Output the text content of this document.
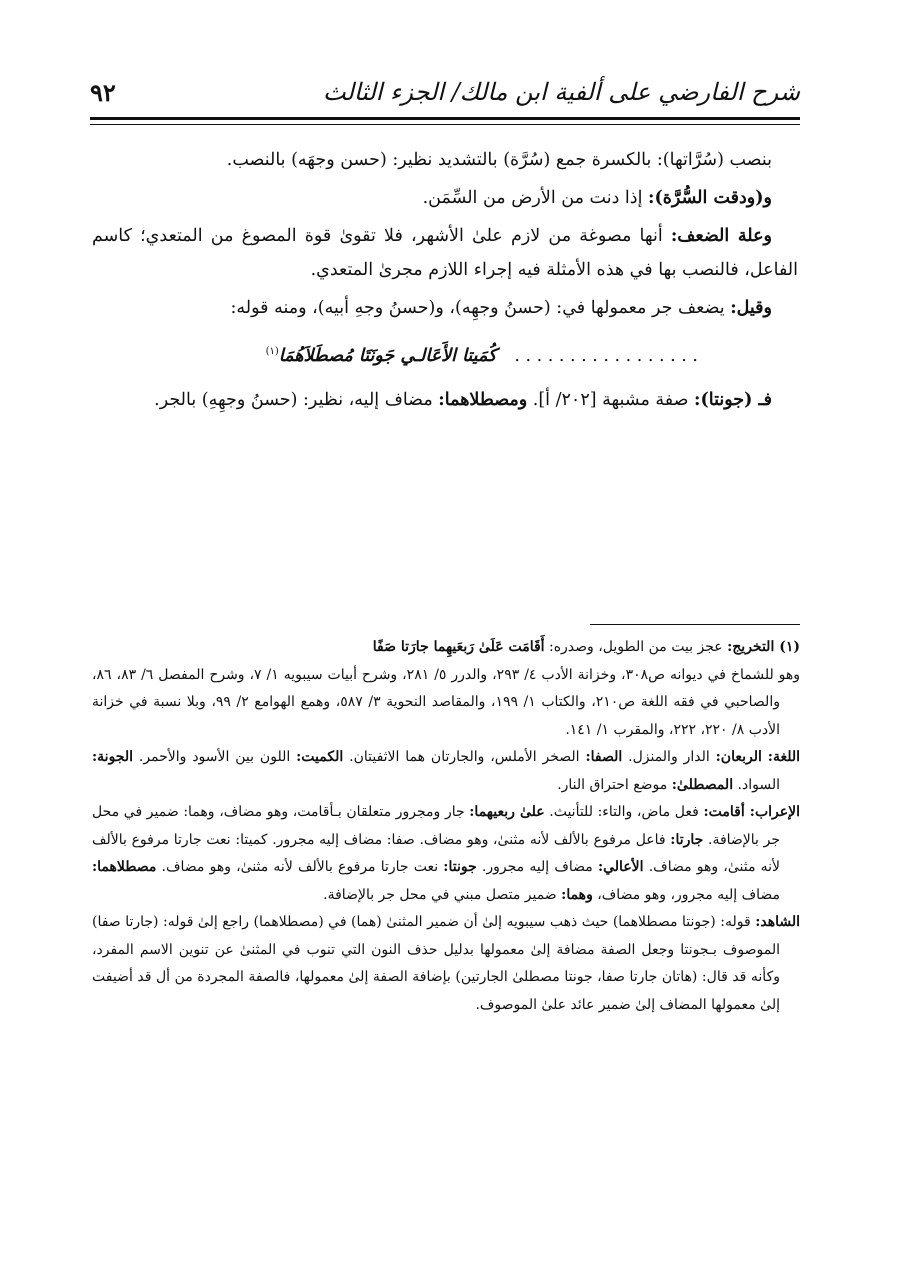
شرح الفارضي على ألفية ابن مالك/ الجزء الثالث
٩٢

بنصب (سُرَّاتها): بالكسرة جمع (سُرَّة) بالتشديد نظير: (حسن وجهَه) بالنصب.

و(ودقت السُّرَّة): إذا دنت من الأرض من السِّمَن.

وعلة الضعف: أنها مصوغة من لازم علىٰ الأشهر، فلا تقوىٰ قوة المصوغ من المتعدي؛ كاسم الفاعل، فالنصب بها في هذه الأمثلة فيه إجراء اللازم مجرىٰ المتعدي.

وقيل: يضعف جر معمولها في: (حسنُ وجهِه)، و(حسنُ وجهِ أبيه)، ومنه قوله:

. . . . . . . . . . . . . . . . .كُمَيتا الأَعَالـي جَونَتَا مُصطَلاَهُمَا$^{(١)}$

فـ (جونتا): صفة مشبهة [٢٠٢/ أ]. ومصطلاهما: مضاف إليه، نظير: (حسنُ وجهِهِ) بالجر.

(١) التخريج: عجز بيت من الطويل، وصدره: أَقَامَت عَلَىٰ رَبعَيهِما جارَتا صَفًا

وهو للشماخ في ديوانه ص٣٠٨، وخزانة الأدب ٤/ ٢٩٣، والدرر ٥/ ٢٨١، وشرح أبيات سيبويه ١/ ٧، وشرح المفصل ٦/ ٨٣، ٨٦، والصاحبي في فقه اللغة ص٢١٠، والكتاب ١/ ١٩٩، والمقاصد النحوية ٣/ ٥٨٧، وهمع الهوامع ٢/ ٩٩، وبلا نسبة في خزانة الأدب ٨/ ٢٢٠، ٢٢٢، والمقرب ١/ ١٤١.

اللغة: الربعان: الدار والمنزل. الصفا: الصخر الأملس، والجارتان هما الاثفيتان. الكميت: اللون بين الأسود والأحمر. الجونة: السواد. المصطلىٰ: موضع احتراق النار.

الإعراب: أقامت: فعل ماض، والتاء: للتأنيث. علىٰ ربعيهما: جار ومجرور متعلقان بـأقامت، وهو مضاف، وهما: ضمير في محل جر بالإضافة. جارتا: فاعل مرفوع بالألف لأنه مثنىٰ، وهو مضاف. صفا: مضاف إليه مجرور. كميتا: نعت جارتا مرفوع بالألف لأنه مثنىٰ، وهو مضاف. الأعالي: مضاف إليه مجرور. جونتا: نعت جارتا مرفوع بالألف لأنه مثنىٰ، وهو مضاف. مصطلاهما: مضاف إليه مجرور، وهو مضاف، وهما: ضمير متصل مبني في محل جر بالإضافة.

الشاهد: قوله: (جونتا مصطلاهما) حيث ذهب سيبويه إلىٰ أن ضمير المثنىٰ (هما) في (مصطلاهما) راجع إلىٰ قوله: (جارتا صفا) الموصوف بـجونتا وجعل الصفة مضافة إلىٰ معمولها بدليل حذف النون التي تنوب في المثنىٰ عن تنوين الاسم المفرد، وكأنه قد قال: (هاتان جارتا صفا، جونتا مصطلىٰ الجارتين) بإضافة الصفة إلىٰ معمولها، فالصفة المجردة من أل قد أضيفت إلىٰ معمولها المضاف إلىٰ ضمير عائد علىٰ الموصوف.
